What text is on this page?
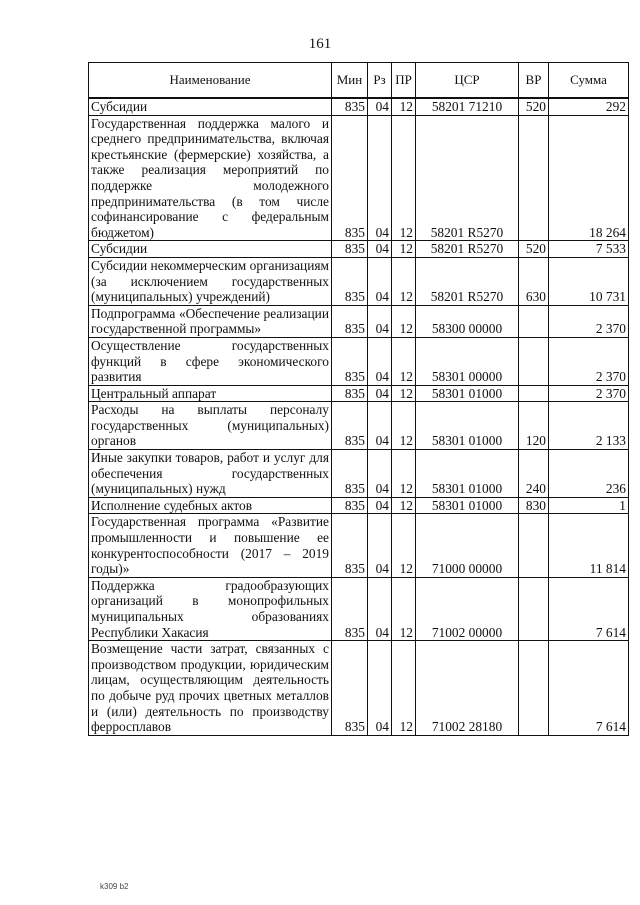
161
Наименование	Мин	Рз	ПР	ЦСР	ВР	Сумма
Субсидии	835	04	12	58201 71210	520	292
Государственная поддержка малого и среднего предпринимательства, включая крестьянские (фермерские) хозяйства, а также реализация мероприятий по поддержке молодежного предпринимательства (в том числе софинансирование с федеральным бюджетом)	835	04	12	58201 R5270		18 264
Субсидии	835	04	12	58201 R5270	520	7 533
Субсидии некоммерческим организациям (за исключением государственных (муниципальных) учреждений)	835	04	12	58201 R5270	630	10 731
Подпрограмма «Обеспечение реализации государственной программы»	835	04	12	58300 00000		2 370
Осуществление государственных функций в сфере экономического развития	835	04	12	58301 00000		2 370
Центральный аппарат	835	04	12	58301 01000		2 370
Расходы на выплаты персоналу государственных (муниципальных) органов	835	04	12	58301 01000	120	2 133
Иные закупки товаров, работ и услуг для обеспечения государственных (муниципальных) нужд	835	04	12	58301 01000	240	236
Исполнение судебных актов	835	04	12	58301 01000	830	1
Государственная программа «Развитие промышленности и повышение ее конкурентоспособности (2017 – 2019 годы)»	835	04	12	71000 00000		11 814
Поддержка градообразующих организаций в монопрофильных муниципальных образованиях Республики Хакасия	835	04	12	71002 00000		7 614
Возмещение части затрат, связанных с производством продукции, юридическим лицам, осуществляющим деятельность по добыче руд прочих цветных металлов и (или) деятельность по производству ферросплавов	835	04	12	71002 28180		7 614
k309 b2
